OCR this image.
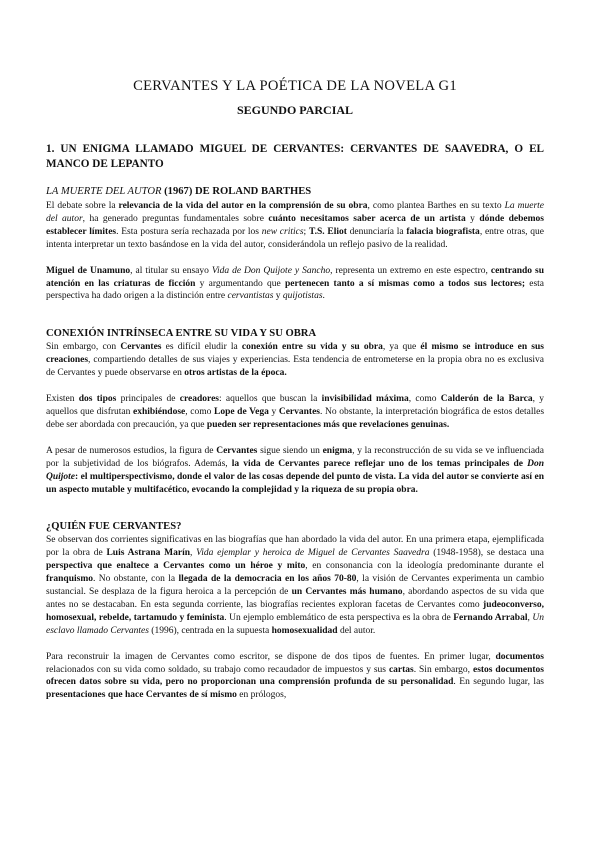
CERVANTES Y LA POÉTICA DE LA NOVELA G1
SEGUNDO PARCIAL
1. UN ENIGMA LLAMADO MIGUEL DE CERVANTES: CERVANTES DE SAAVEDRA, O EL MANCO DE LEPANTO
LA MUERTE DEL AUTOR (1967) DE ROLAND BARTHES

El debate sobre la relevancia de la vida del autor en la comprensión de su obra, como plantea Barthes en su texto La muerte del autor, ha generado preguntas fundamentales sobre cuánto necesitamos saber acerca de un artista y dónde debemos establecer límites. Esta postura sería rechazada por los new critics; T.S. Eliot denunciaría la falacia biografista, entre otras, que intenta interpretar un texto basándose en la vida del autor, considerándola un reflejo pasivo de la realidad.

Miguel de Unamuno, al titular su ensayo Vida de Don Quijote y Sancho, representa un extremo en este espectro, centrando su atención en las criaturas de ficción y argumentando que pertenecen tanto a sí mismas como a todos sus lectores; esta perspectiva ha dado origen a la distinción entre cervantistas y quijotistas.

CONEXIÓN INTRÍNSECA ENTRE SU VIDA Y SU OBRA

Sin embargo, con Cervantes es difícil eludir la conexión entre su vida y su obra, ya que él mismo se introduce en sus creaciones, compartiendo detalles de sus viajes y experiencias. Esta tendencia de entrometerse en la propia obra no es exclusiva de Cervantes y puede observarse en otros artistas de la época.

Existen dos tipos principales de creadores: aquellos que buscan la invisibilidad máxima, como Calderón de la Barca, y aquellos que disfrutan exhibiéndose, como Lope de Vega y Cervantes. No obstante, la interpretación biográfica de estos detalles debe ser abordada con precaución, ya que pueden ser representaciones más que revelaciones genuinas.

A pesar de numerosos estudios, la figura de Cervantes sigue siendo un enigma, y la reconstrucción de su vida se ve influenciada por la subjetividad de los biógrafos. Además, la vida de Cervantes parece reflejar uno de los temas principales de Don Quijote: el multiperspectivismo, donde el valor de las cosas depende del punto de vista. La vida del autor se convierte así en un aspecto mutable y multifacético, evocando la complejidad y la riqueza de su propia obra.

¿QUIÉN FUE CERVANTES?

Se observan dos corrientes significativas en las biografías que han abordado la vida del autor. En una primera etapa, ejemplificada por la obra de Luis Astrana Marín, Vida ejemplar y heroica de Miguel de Cervantes Saavedra (1948-1958), se destaca una perspectiva que enaltece a Cervantes como un héroe y mito, en consonancia con la ideología predominante durante el franquismo. No obstante, con la llegada de la democracia en los años 70-80, la visión de Cervantes experimenta un cambio sustancial. Se desplaza de la figura heroica a la percepción de un Cervantes más humano, abordando aspectos de su vida que antes no se destacaban. En esta segunda corriente, las biografías recientes exploran facetas de Cervantes como judeoconverso, homosexual, rebelde, tartamudo y feminista. Un ejemplo emblemático de esta perspectiva es la obra de Fernando Arrabal, Un esclavo llamado Cervantes (1996), centrada en la supuesta homosexualidad del autor.

Para reconstruir la imagen de Cervantes como escritor, se dispone de dos tipos de fuentes. En primer lugar, documentos relacionados con su vida como soldado, su trabajo como recaudador de impuestos y sus cartas. Sin embargo, estos documentos ofrecen datos sobre su vida, pero no proporcionan una comprensión profunda de su personalidad. En segundo lugar, las presentaciones que hace Cervantes de sí mismo en prólogos,
